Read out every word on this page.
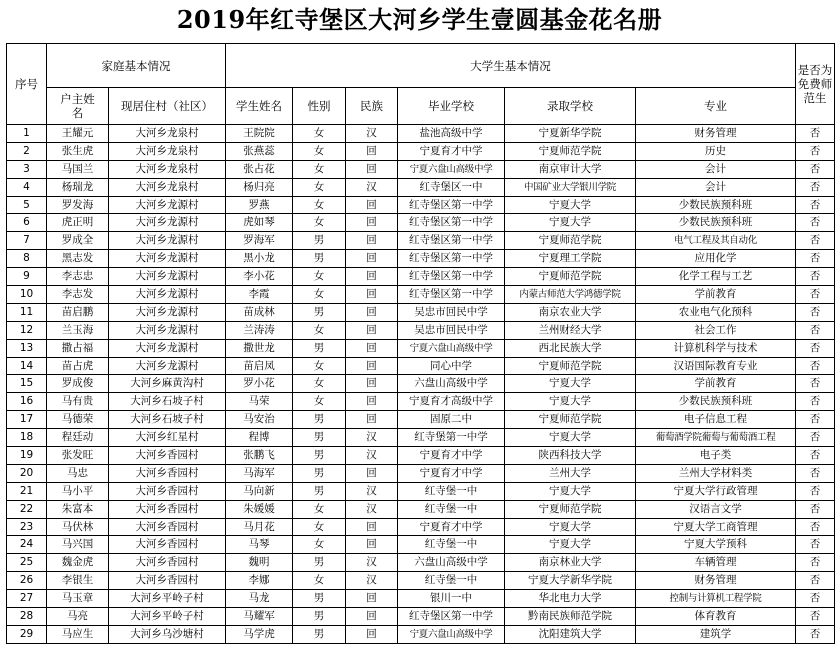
2019年红寺堡区大河乡学生壹圆基金花名册
序号	家庭基本情况		大学生基本情况						是否为免费师范生
	户主姓名	现居住村（社区）	学生姓名	性别	民族	毕业学校	录取学校	专业	
1	王耀元	大河乡龙泉村	王院院	女	汉	盐池高级中学	宁夏新华学院	财务管理	否
2	张生虎	大河乡龙泉村	张燕蕊	女	回	宁夏育才中学	宁夏师范学院	历史	否
3	马国兰	大河乡龙泉村	张占花	女	回	宁夏六盘山高级中学	南京审计大学	会计	否
4	杨瑞龙	大河乡龙泉村	杨归亮	女	汉	红寺堡区一中	中国矿业大学银川学院	会计	否
5	罗发海	大河乡龙源村	罗燕	女	回	红寺堡区第一中学	宁夏大学	少数民族预科班	否
6	虎正明	大河乡龙源村	虎如琴	女	回	红寺堡区第一中学	宁夏大学	少数民族预科班	否
7	罗成全	大河乡龙源村	罗海军	男	回	红寺堡区第一中学	宁夏师范学院	电气工程及其自动化	否
8	黑志发	大河乡龙源村	黑小龙	男	回	红寺堡区第一中学	宁夏理工学院	应用化学	否
9	李志忠	大河乡龙源村	李小花	女	回	红寺堡区第一中学	宁夏师范学院	化学工程与工艺	否
10	李志发	大河乡龙源村	李霞	女	回	红寺堡区第一中学	内蒙古师范大学鸿德学院	学前教育	否
11	苗启鹏	大河乡龙源村	苗成林	男	回	吴忠市回民中学	南京农业大学	农业电气化预科	否
12	兰玉海	大河乡龙源村	兰涛涛	女	回	吴忠市回民中学	兰州财经大学	社会工作	否
13	撒占福	大河乡龙源村	撒世龙	男	回	宁夏六盘山高级中学	西北民族大学	计算机科学与技术	否
14	苗占虎	大河乡龙源村	苗启凤	女	回	同心中学	宁夏师范学院	汉语国际教育专业	否
15	罗成俊	大河乡麻黄沟村	罗小花	女	回	六盘山高级中学	宁夏大学	学前教育	否
16	马有贵	大河乡石坡子村	马荣	女	回	宁夏育才高级中学	宁夏大学	少数民族预科班	否
17	马德荣	大河乡石坡子村	马安治	男	回	固原二中	宁夏师范学院	电子信息工程	否
18	程廷动	大河乡红星村	程博	男	汉	红寺堡第一中学	宁夏大学	葡萄酒学院葡萄与葡萄酒工程	否
19	张发旺	大河乡香园村	张鹏飞	男	汉	宁夏育才中学	陕西科技大学	电子类	否
20	马忠	大河乡香园村	马海军	男	回	宁夏育才中学	兰州大学	兰州大学材料类	否
21	马小平	大河乡香园村	马向新	男	汉	红寺堡一中	宁夏大学	宁夏大学行政管理	否
22	朱富本	大河乡香园村	朱媛媛	女	汉	红寺堡一中	宁夏师范学院	汉语言文学	否
23	马伏林	大河乡香园村	马月花	女	回	宁夏育才中学	宁夏大学	宁夏大学工商管理	否
24	马兴国	大河乡香园村	马琴	女	回	红寺堡一中	宁夏大学	宁夏大学预科	否
25	魏金虎	大河乡香园村	魏明	男	汉	六盘山高级中学	南京林业大学	车辆管理	否
26	李银生	大河乡香园村	李娜	女	汉	红寺堡一中	宁夏大学新华学院	财务管理	否
27	马玉章	大河乡平岭子村	马龙	男	回	银川一中	华北电力大学	控制与计算机工程学院	否
28	马亮	大河乡平岭子村	马耀军	男	回	红寺堡区第一中学	黔南民族师范学院	体育教育	否
29	马应生	大河乡乌沙塘村	马学虎	男	回	宁夏六盘山高级中学	沈阳建筑大学	建筑学	否
